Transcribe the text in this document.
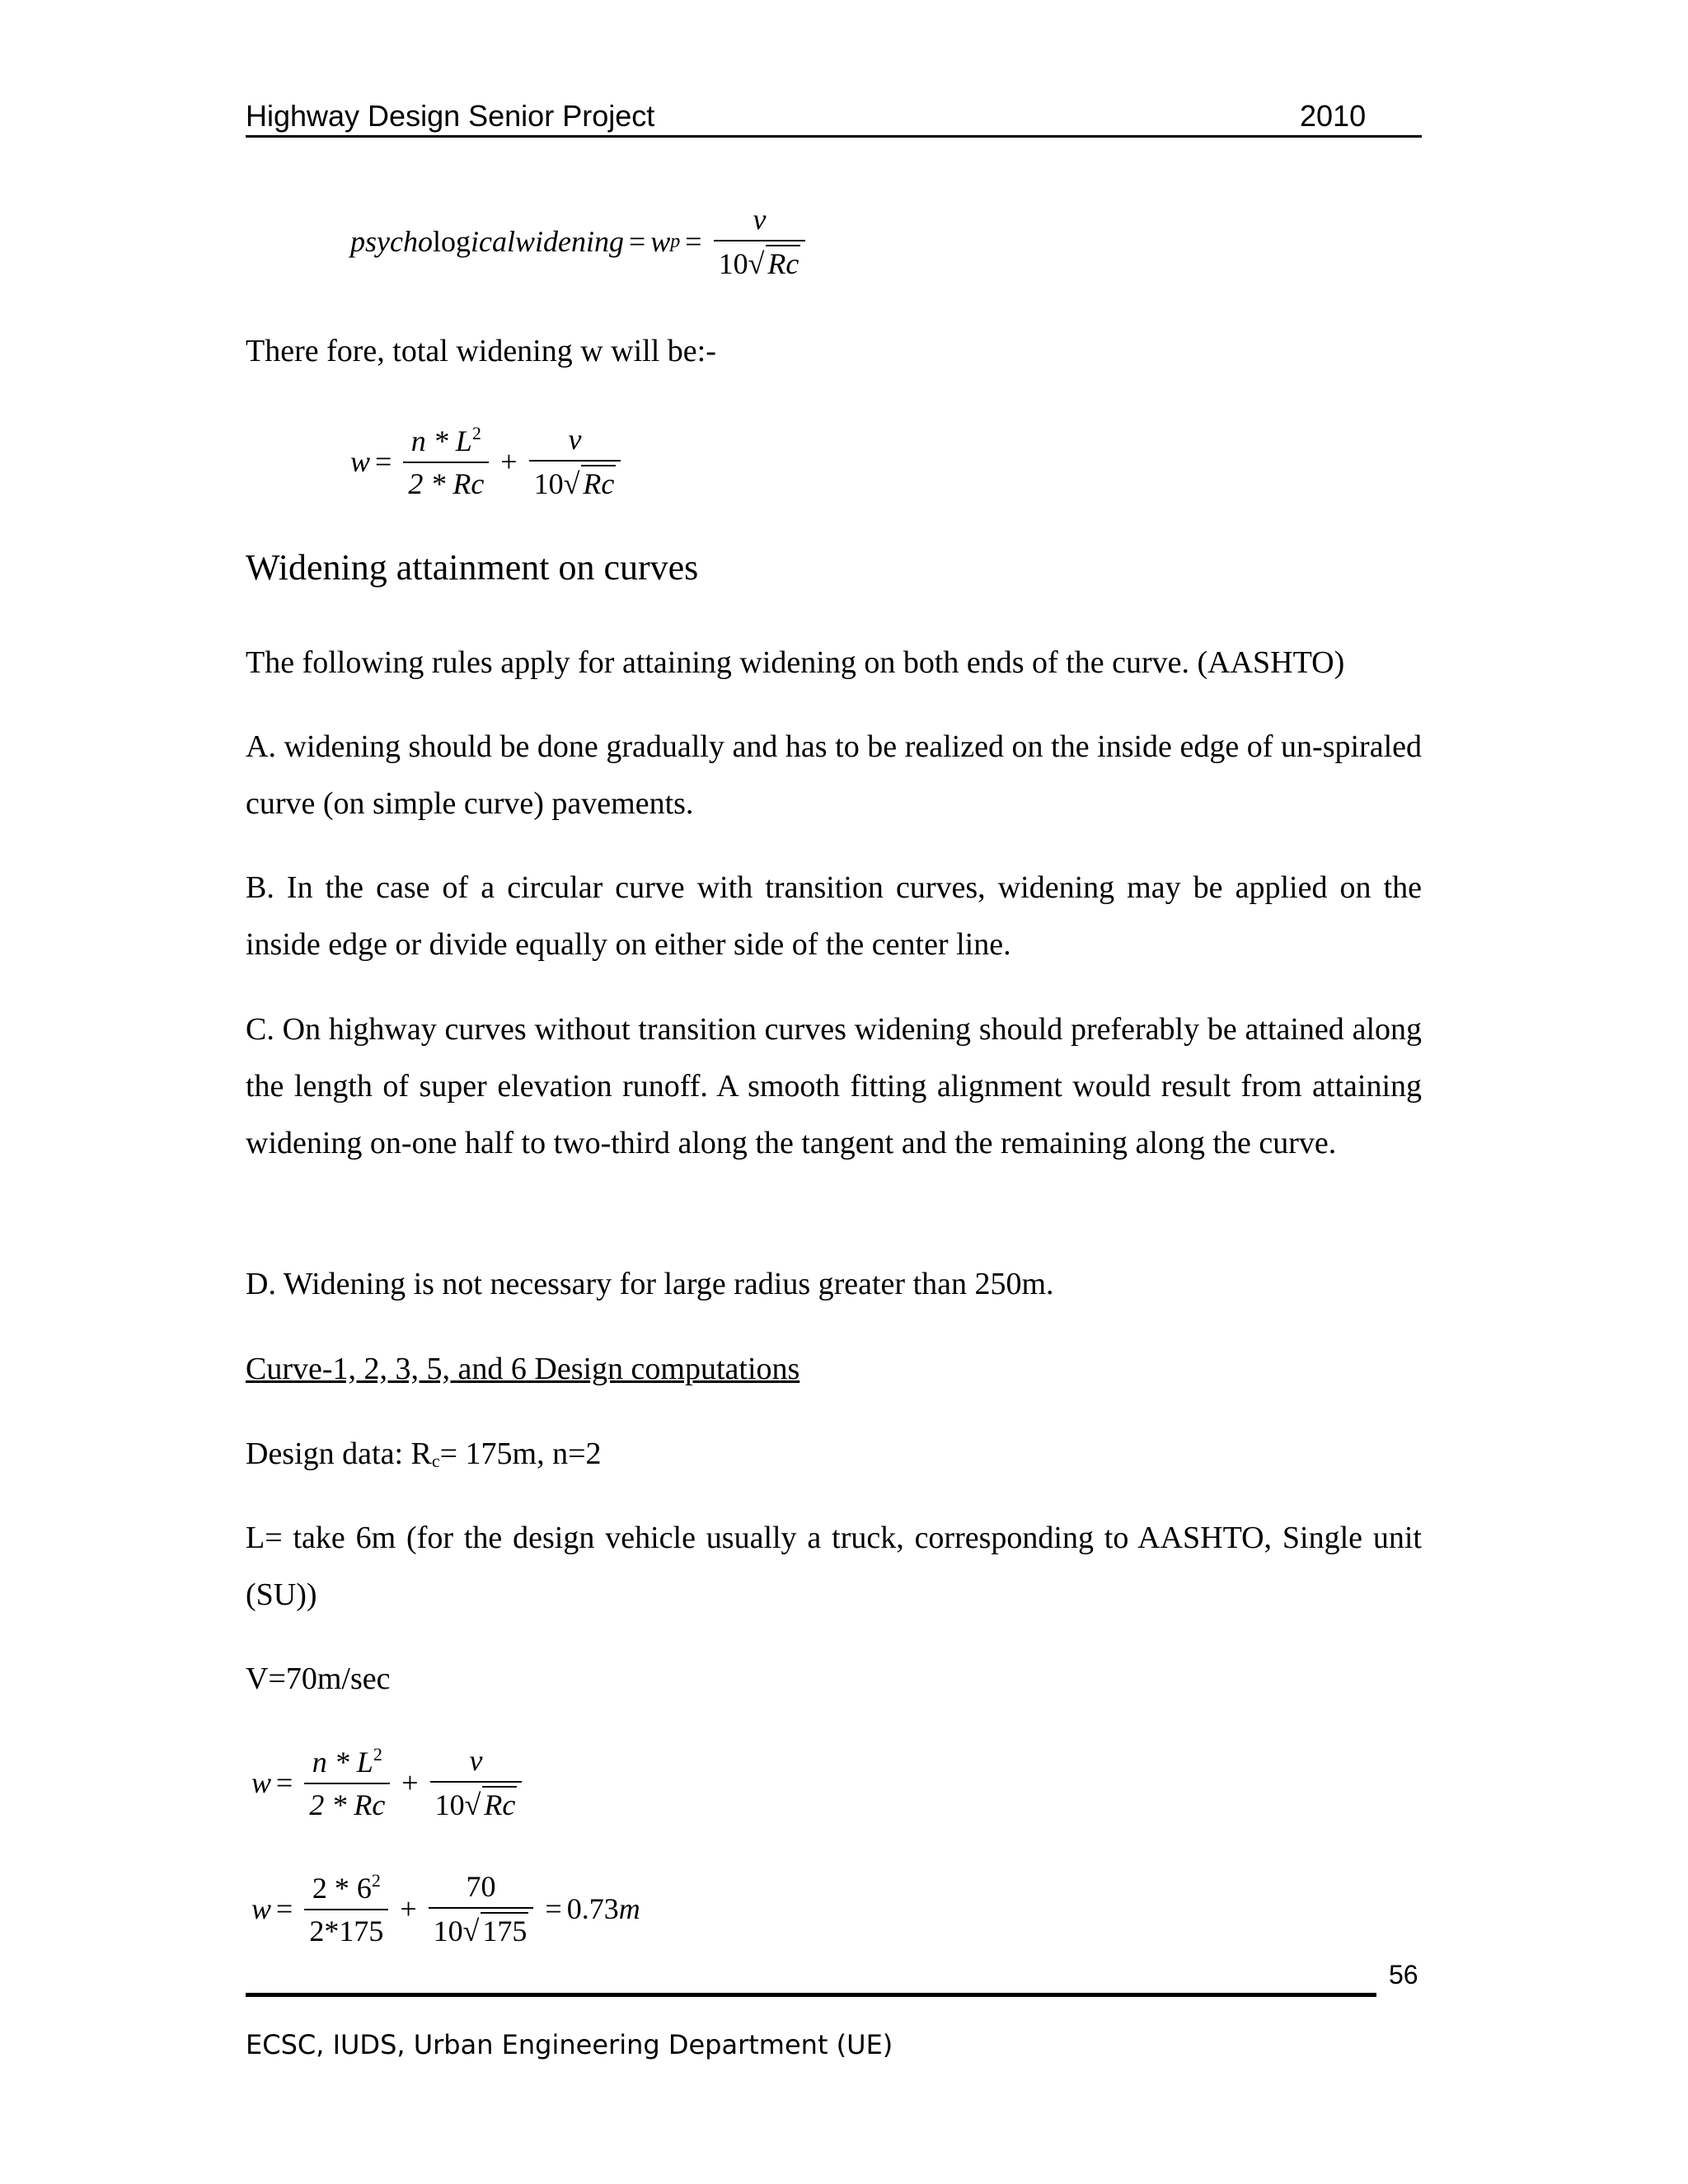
Highway Design Senior Project	2010
psycho log icalwidening = w $p = \frac{v}{10√ Rc}$
There fore, total widening w will be:-
$w = \frac{n * L^2}{2 * Rc} + \frac{v}{10√ Rc}$
Widening attainment on curves
The following rules apply for attaining widening on both ends of the curve. (AASHTO)
A. widening should be done gradually and has to be realized on the inside edge of un-spiraled curve (on simple curve) pavements.
B. In the case of a circular curve with transition curves, widening may be applied on the inside edge or divide equally on either side of the center line.
C. On highway curves without transition curves widening should preferably be attained along the length of super elevation runoff. A smooth fitting alignment would result from attaining widening on-one half to two-third along the tangent and the remaining along the curve.
D. Widening is not necessary for large radius greater than 250m.
Curve-1, 2, 3, 5, and 6 Design computations
Design data: $R_c= 175m$, n=2
L= take 6m (for the design vehicle usually a truck, corresponding to AASHTO, Single unit (SU))
V=70m/sec
$w = \frac{n * L^2}{2 * Rc} + \frac{v}{10√ Rc}$
$w = \frac{2 * 6^2}{2*175} + \frac{70}{10√ 175} = 0.73$ m
56
ECSC, IUDS, Urban Engineering Department (UE)
